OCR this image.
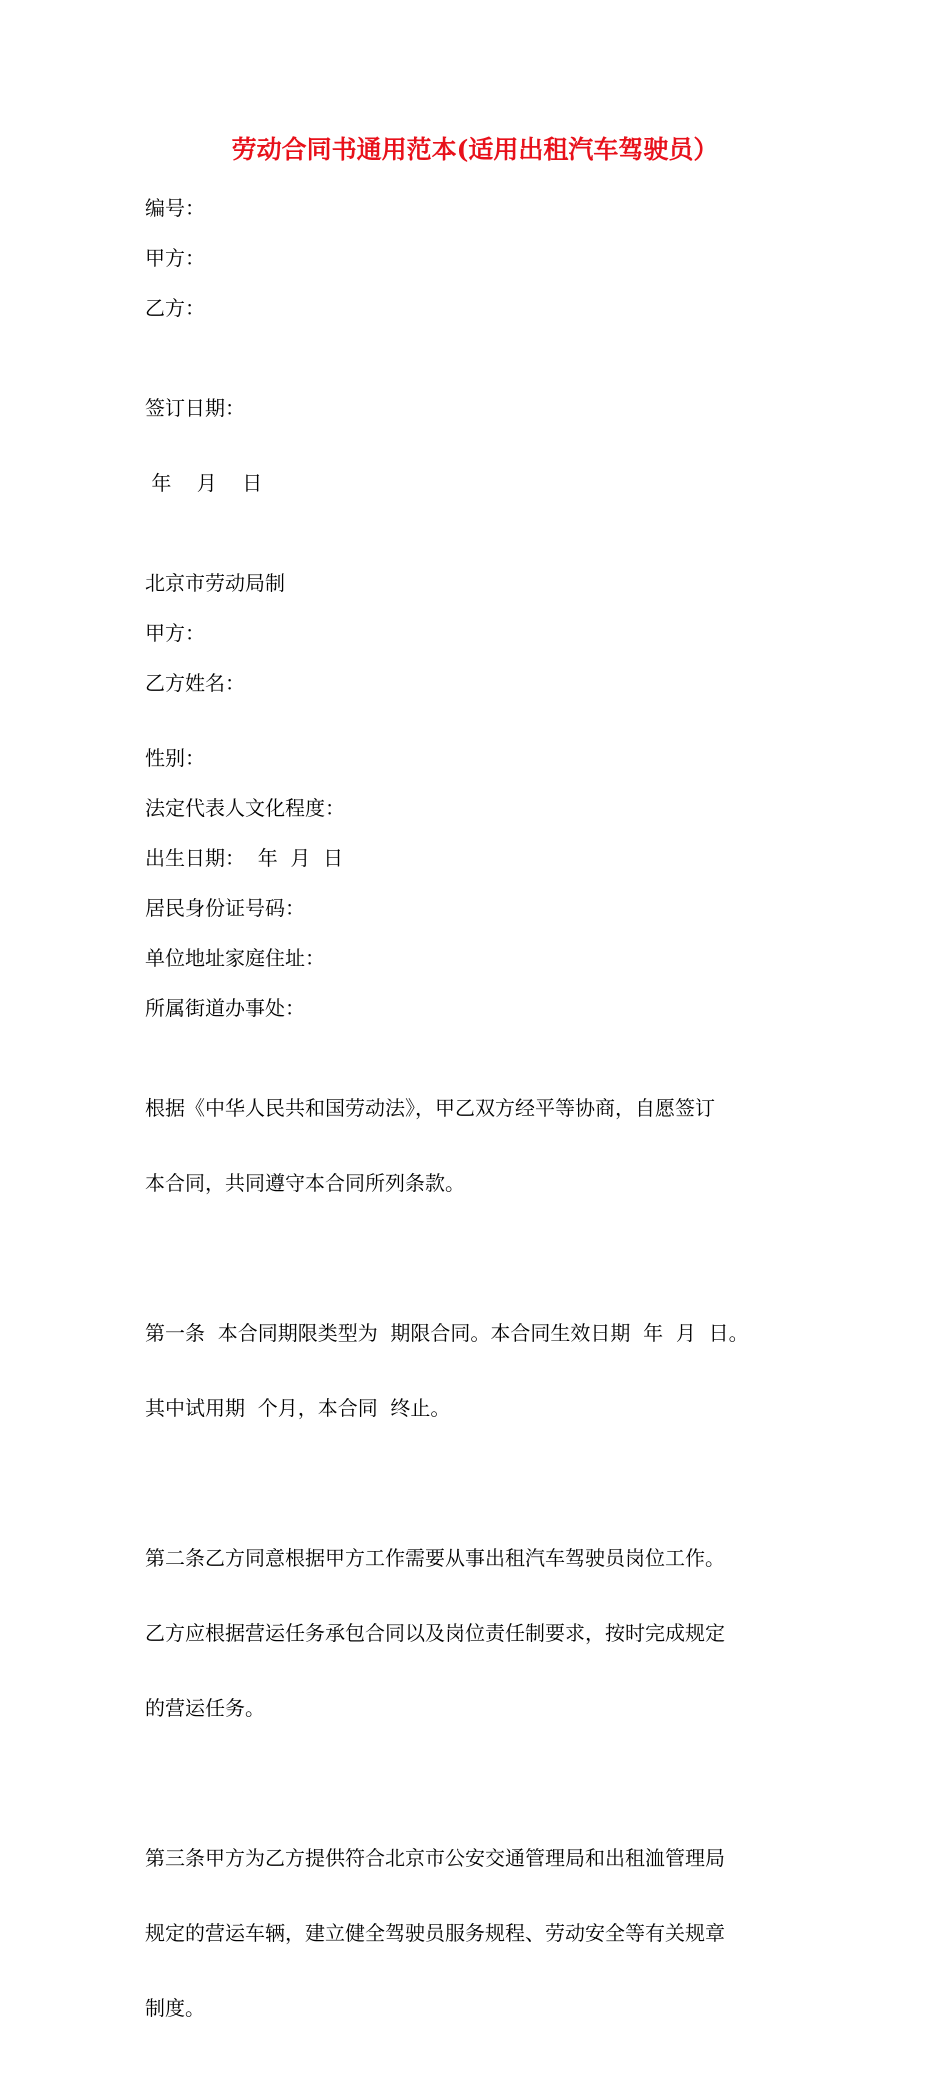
劳动合同书通用范本(适用出租汽车驾驶员）
编号：
甲方：
乙方：

签订日期：

年    月    日

北京市劳动局制
甲方：
乙方姓名：
性别：
法定代表人文化程度：
出生日期：  年  月  日
居民身份证号码：
单位地址家庭住址：
所属街道办事处：

根据《中华人民共和国劳动法》，甲乙双方经平等协商，自愿签订

本合同，共同遵守本合同所列条款。

第一条  本合同期限类型为  期限合同。本合同生效日期  年  月  日。

其中试用期  个月，本合同  终止。

第二条乙方同意根据甲方工作需要从事出租汽车驾驶员岗位工作。

乙方应根据营运任务承包合同以及岗位责任制要求，按时完成规定

的营运任务。

第三条甲方为乙方提供符合北京市公安交通管理局和出租洫管理局

规定的营运车辆，建立健全驾驶员服务规程、劳动安全等有关规章

制度。
